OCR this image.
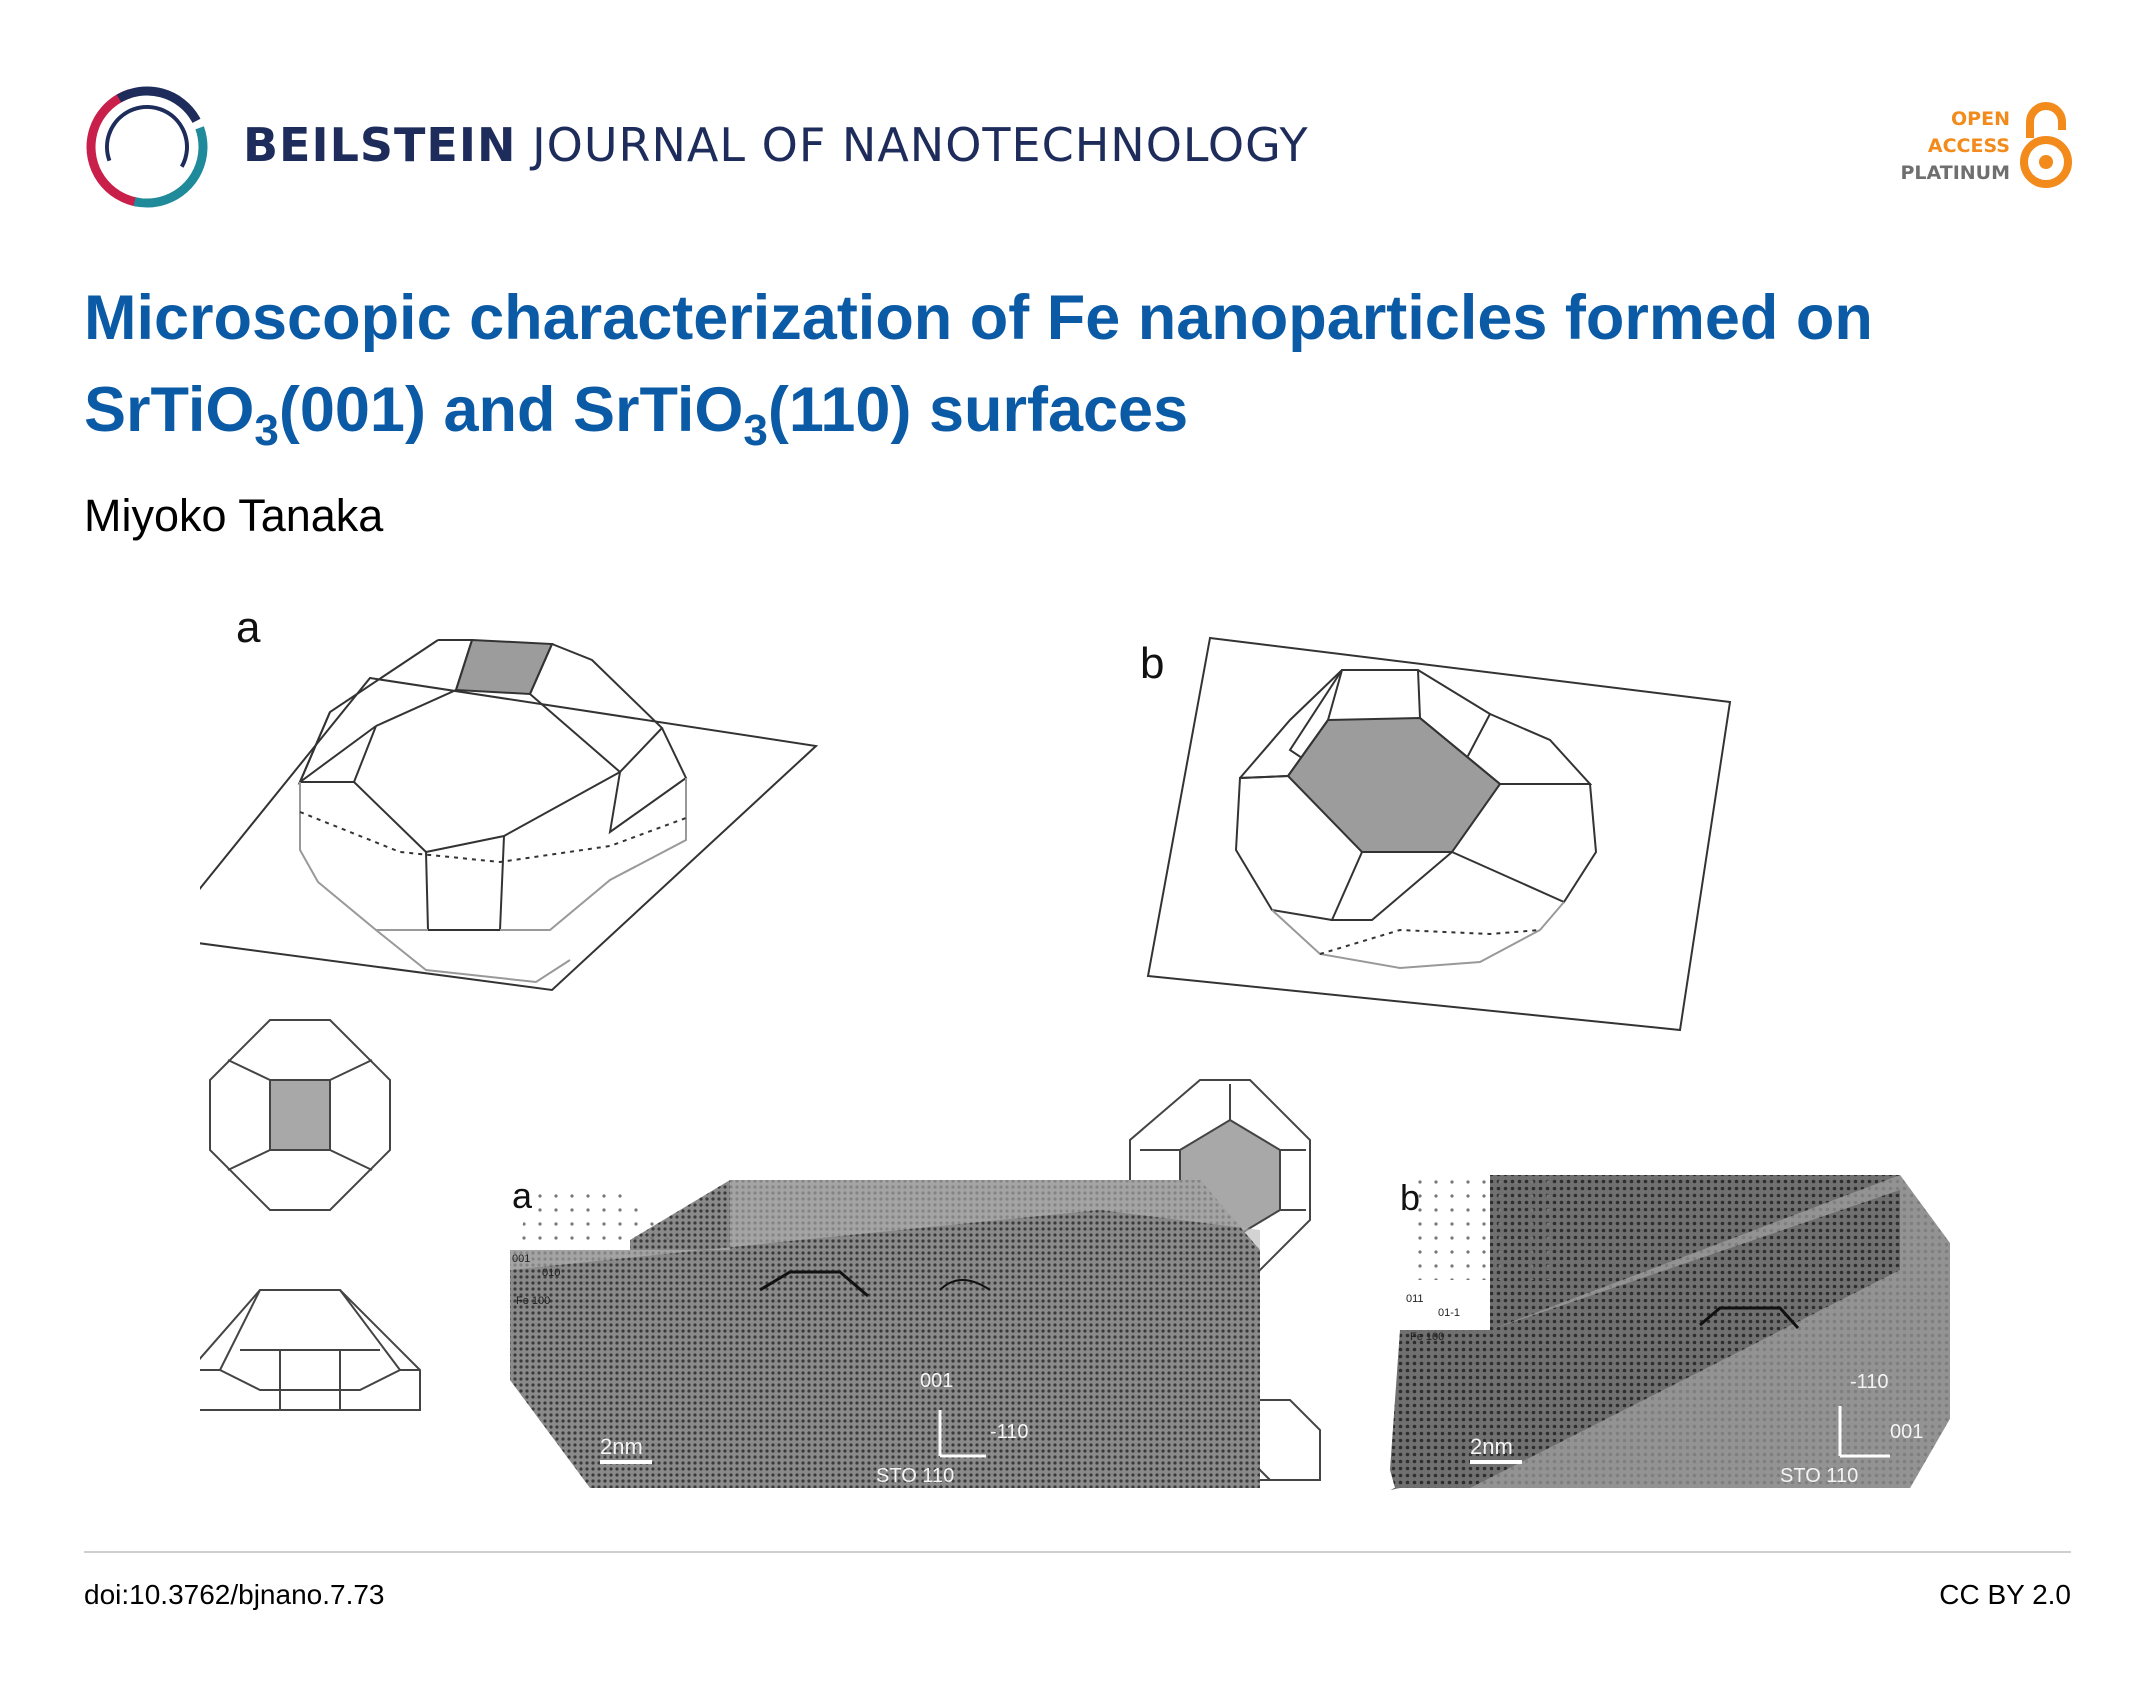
BEILSTEIN JOURNAL OF NANOTECHNOLOGY	OPEN
ACCESS
PLATINUM
Microscopic characterization of Fe nanoparticles formed on
SrTiO$_3$(001) and SrTiO$_3$(110) surfaces
Miyoko Tanaka
a
b
a
001
010
Fe 100
001
-110
2nm
STO 110
b
011
01-1
Fe 100
-110
001
2nm
STO 110
doi:10.3762/bjnano.7.73	CC BY 2.0
